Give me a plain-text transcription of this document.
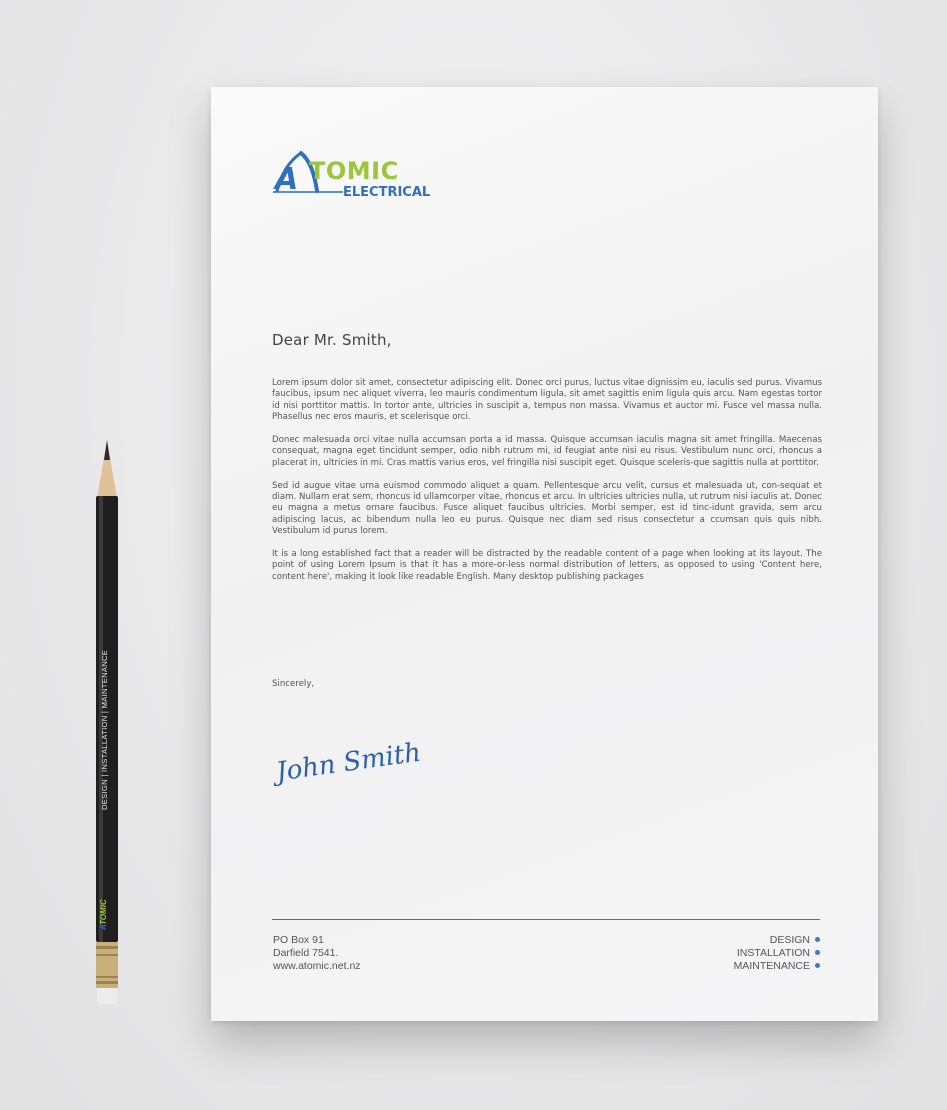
DESIGN | INSTALLATION | MAINTENANCE
ATOMIC
A TOMIC
ELECTRICAL
Dear Mr. Smith,

Lorem ipsum dolor sit amet, consectetur adipiscing elit. Donec orci purus, luctus vitae dignissim eu, iaculis sed purus. Vivamus faucibus, ipsum nec aliquet viverra, leo mauris condimentum ligula, sit amet sagittis enim ligula quis arcu. Nam egestas tortor id nisi porttitor mattis. In tortor ante, ultricies in suscipit a, tempus non massa. Vivamus et auctor mi. Fusce vel massa nulla. Phasellus nec eros mauris, et scelerisque orci.

Donec malesuada orci vitae nulla accumsan porta a id massa. Quisque accumsan iaculis magna sit amet fringilla. Maecenas consequat, magna eget tincidunt semper, odio nibh rutrum mi, id feugiat ante nisi eu risus. Vestibulum nunc orci, rhoncus a placerat in, ultricies in mi. Cras mattis varius eros, vel fringilla nisi suscipit eget. Quisque sceleris-que sagittis nulla at porttitor.

Sed id augue vitae urna euismod commodo aliquet a quam. Pellentesque arcu velit, cursus et malesuada ut, con-sequat et diam. Nullam erat sem, rhoncus id ullamcorper vitae, rhoncus et arcu. In ultricies ultricies nulla, ut rutrum nisi iaculis at. Donec eu magna a metus ornare faucibus. Fusce aliquet faucibus ultricies. Morbi semper, est id tinc-idunt gravida, sem arcu adipiscing lacus, ac bibendum nulla leo eu purus. Quisque nec diam sed risus consectetur a ccumsan quis quis nibh. Vestibulum id purus lorem.

It is a long established fact that a reader will be distracted by the readable content of a page when looking at its layout. The point of using Lorem Ipsum is that it has a more-or-less normal distribution of letters, as opposed to using 'Content here, content here', making it look like readable English. Many desktop publishing packages

Sincerely,
John Smith
PO Box 91
Darfield 7541.
www.atomic.net.nz
DESIGN
INSTALLATION
MAINTENANCE
